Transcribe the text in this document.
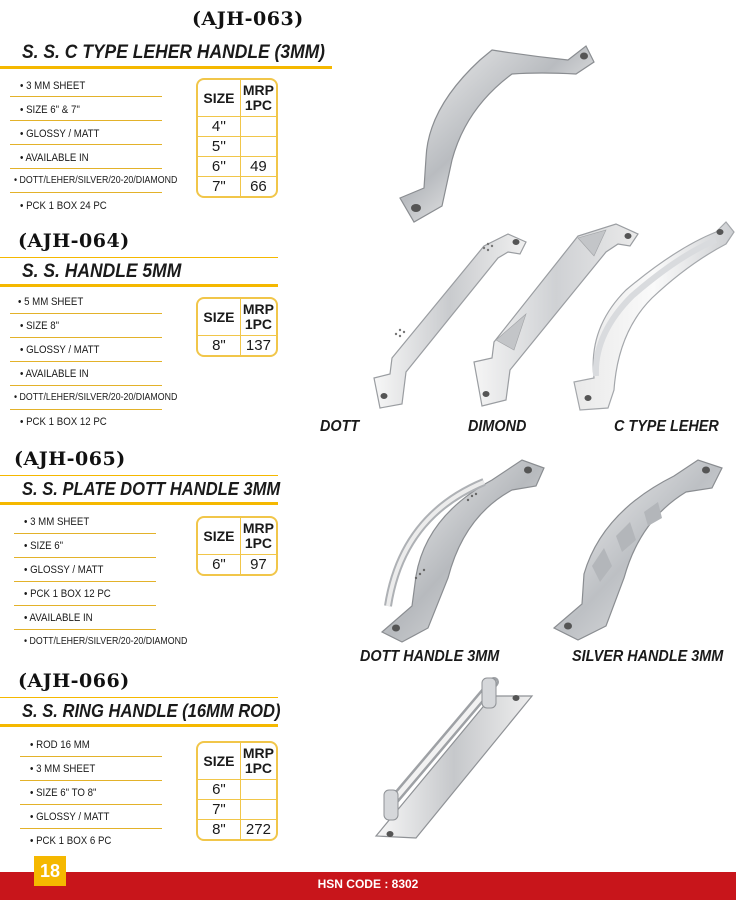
(AJH-063)
S. S. C TYPE LEHER HANDLE (3MM)
• 3 MM SHEET
• SIZE 6" & 7''
• GLOSSY / MATT
• AVAILABLE IN
• DOTT/LEHER/SILVER/20-20/DIAMOND
• PCK 1 BOX 24 PC
SIZE	MRP
1PC

4''	
5''	
6''	49
7"	66
(AJH-064)
S. S. HANDLE 5MM
• 5 MM SHEET
• SIZE 8"
• GLOSSY / MATT
• AVAILABLE IN
• DOTT/LEHER/SILVER/20-20/DIAMOND
• PCK 1 BOX 12 PC
SIZE	MRP
1PC

8"	137
(AJH-065)
S. S. PLATE DOTT HANDLE 3MM
• 3 MM SHEET
• SIZE 6"
• GLOSSY / MATT
• PCK 1 BOX 12 PC
• AVAILABLE IN
• DOTT/LEHER/SILVER/20-20/DIAMOND
SIZE	MRP
1PC

6"	97
(AJH-066)
S. S. RING HANDLE (16MM ROD)
• ROD 16 MM
• 3 MM SHEET
• SIZE 6" TO 8"
• GLOSSY / MATT
• PCK 1 BOX 6 PC
SIZE	MRP
1PC

6"	
7"	
8"	272
DOTT	DIMOND	C TYPE LEHER
DOTT HANDLE 3MM	SILVER HANDLE 3MM
18
HSN CODE : 8302
